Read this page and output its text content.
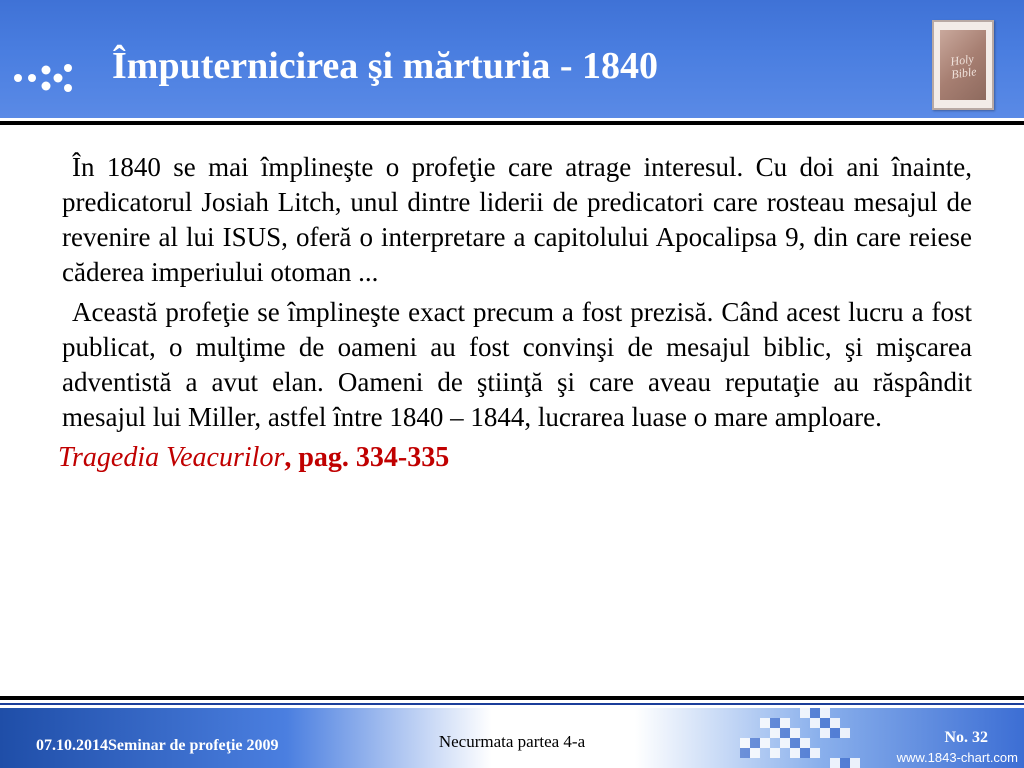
Împuternicirea şi mărturia - 1840	Holy Bible

În 1840 se mai împlineşte o profeţie care atrage interesul. Cu doi ani înainte, predicatorul Josiah Litch, unul dintre liderii de predicatori care rosteau mesajul de revenire al lui ISUS, oferă o interpretare a capitolului Apocalipsa 9, din care reiese căderea imperiului otoman ...

Această profeţie se împlineşte exact precum a fost prezisă. Când acest lucru a fost publicat, o mulţime de oameni au fost convinşi de mesajul biblic, şi mişcarea adventistă a avut elan. Oameni de ştiinţă şi care aveau reputaţie au răspândit mesajul lui Miller, astfel între 1840 – 1844, lucrarea luase o mare amploare.

Tragedia Veacurilor, pag. 334-335
07.10.2014Seminar de profeţie 2009	Necurmata partea 4-a	No. 32
www.1843-chart.com
